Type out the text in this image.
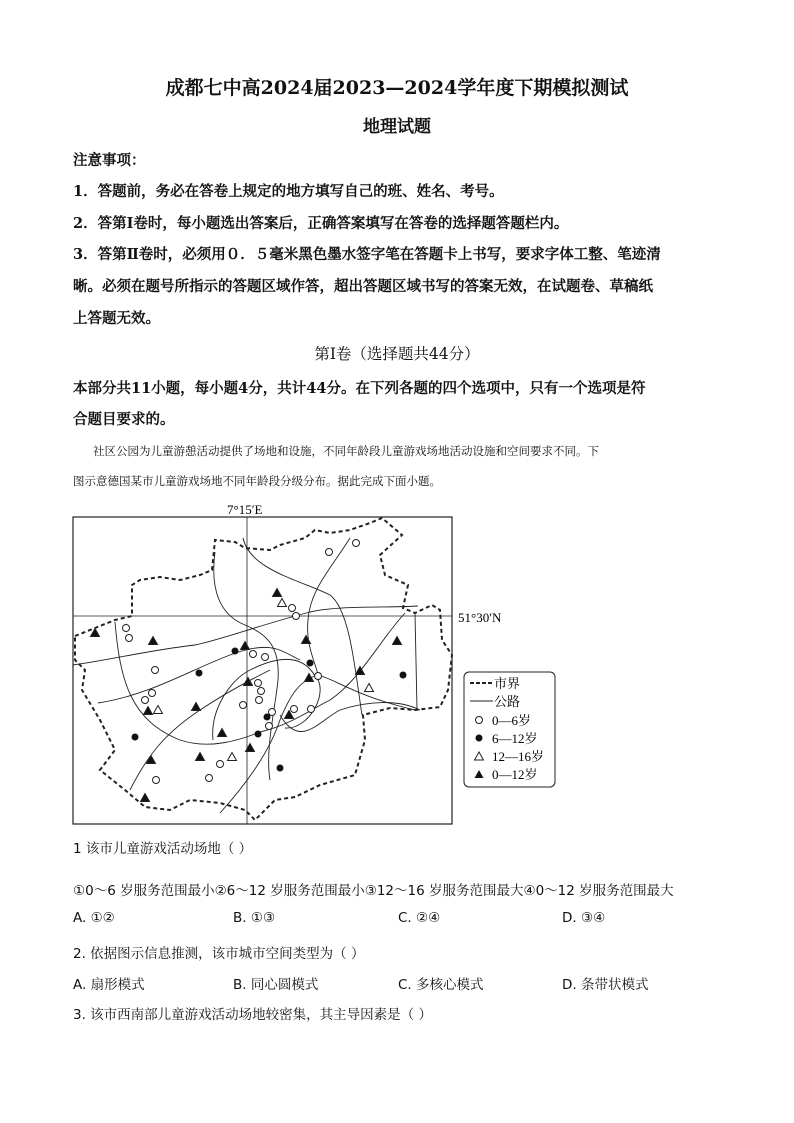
成都七中高2024届2023—2024学年度下期模拟测试
地理试题
注意事项：
1．答题前，务必在答卷上规定的地方填写自己的班、姓名、考号。
2．答第Ⅰ卷时，每小题选出答案后，正确答案填写在答卷的选择题答题栏内。
3．答第Ⅱ卷时，必须用０．５毫米黑色墨水签字笔在答题卡上书写，要求字体工整、笔迹清
晰。必须在题号所指示的答题区域作答，超出答题区域书写的答案无效，在试题卷、草稿纸
上答题无效。
第Ⅰ卷（选择题共44分）
本部分共11小题，每小题4分，共计44分。在下列各题的四个选项中，只有一个选项是符
合题目要求的。
社区公园为儿童游憩活动提供了场地和设施，不同年龄段儿童游戏场地活动设施和空间要求不同。下
图示意德国某市儿童游戏场地不同年龄段分级分布。据此完成下面小题。
7°15′E
51°30′N
市界
公路
0—6岁
6—12岁
12—16岁
0—12岁
1 该市儿童游戏活动场地（ ）
①0～6 岁服务范围最小②6～12 岁服务范围最小③12～16 岁服务范围最大④0～12 岁服务范围最大
A. ①②	B. ①③	C. ②④	D. ③④
2. 依据图示信息推测，该市城市空间类型为（ ）
A. 扇形模式	B. 同心圆模式	C. 多核心模式	D. 条带状模式
3. 该市西南部儿童游戏活动场地较密集，其主导因素是（ ）
